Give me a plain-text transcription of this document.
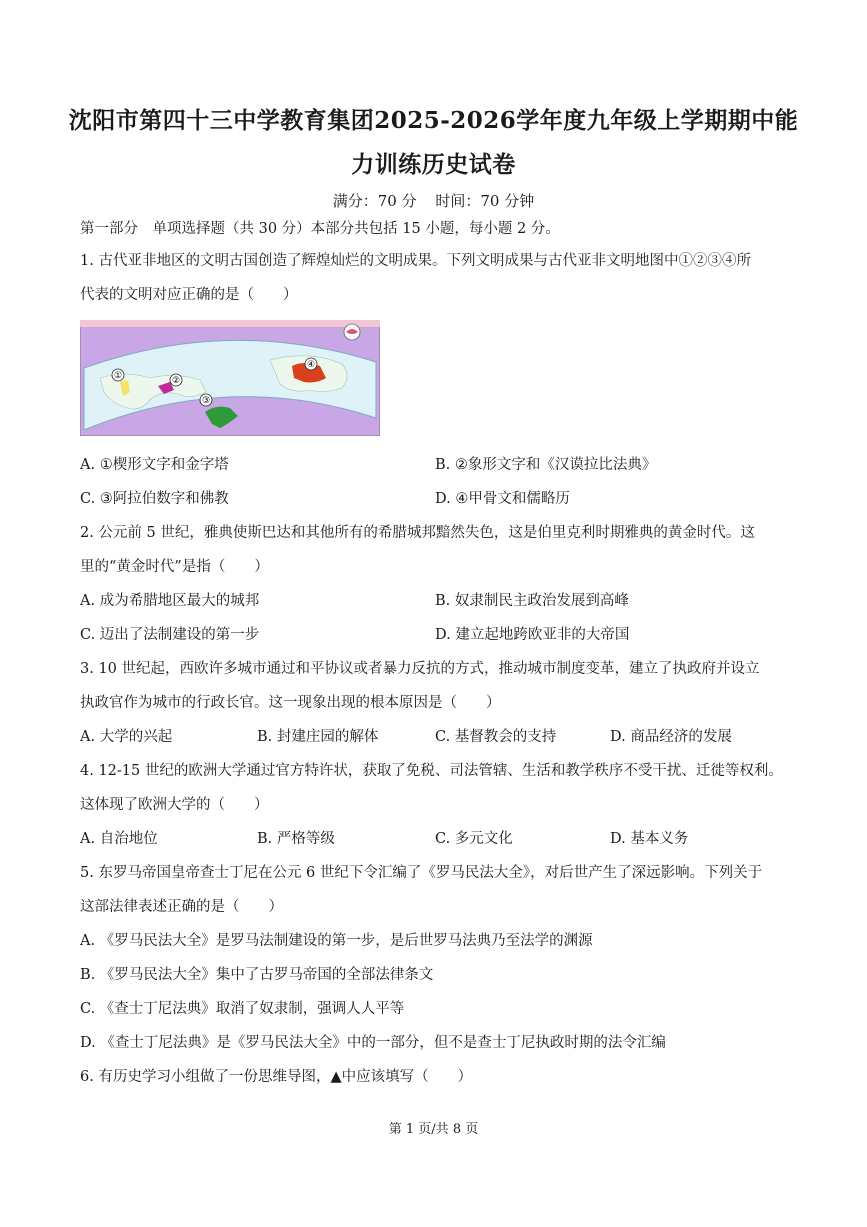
沈阳市第四十三中学教育集团2025-2026学年度九年级上学期期中能
力训练历史试卷
满分：70 分 时间：70 分钟
第一部分　单项选择题（共 30 分）本部分共包括 15 小题，每小题 2 分。
1. 古代亚非地区的文明古国创造了辉煌灿烂的文明成果。下列文明成果与古代亚非文明地图中①②③④所
代表的文明对应正确的是（　　）
①	②
③
④
A. ①楔形文字和金字塔	B. ②象形文字和《汉谟拉比法典》
C. ③阿拉伯数字和佛教	D. ④甲骨文和儒略历
2. 公元前 5 世纪，雅典使斯巴达和其他所有的希腊城邦黯然失色，这是伯里克利时期雅典的黄金时代。这
里的“黄金时代”是指（　　）
A. 成为希腊地区最大的城邦	B. 奴隶制民主政治发展到高峰
C. 迈出了法制建设的第一步	D. 建立起地跨欧亚非的大帝国
3. 10 世纪起，西欧许多城市通过和平协议或者暴力反抗的方式，推动城市制度变革，建立了执政府并设立
执政官作为城市的行政长官。这一现象出现的根本原因是（　　）
A. 大学的兴起	B. 封建庄园的解体	C. 基督教会的支持	D. 商品经济的发展
4. 12-15 世纪的欧洲大学通过官方特许状，获取了免税、司法管辖、生活和教学秩序不受干扰、迁徙等权利。
这体现了欧洲大学的（　　）
A. 自治地位	B. 严格等级	C. 多元文化	D. 基本义务
5. 东罗马帝国皇帝查士丁尼在公元 6 世纪下令汇编了《罗马民法大全》，对后世产生了深远影响。下列关于
这部法律表述正确的是（　　）
A. 《罗马民法大全》是罗马法制建设的第一步，是后世罗马法典乃至法学的渊源
B. 《罗马民法大全》集中了古罗马帝国的全部法律条文
C. 《查士丁尼法典》取消了奴隶制，强调人人平等
D. 《查士丁尼法典》是《罗马民法大全》中的一部分，但不是查士丁尼执政时期的法令汇编
6. 有历史学习小组做了一份思维导图，▲中应该填写（　　）
第 1 页/共 8 页
